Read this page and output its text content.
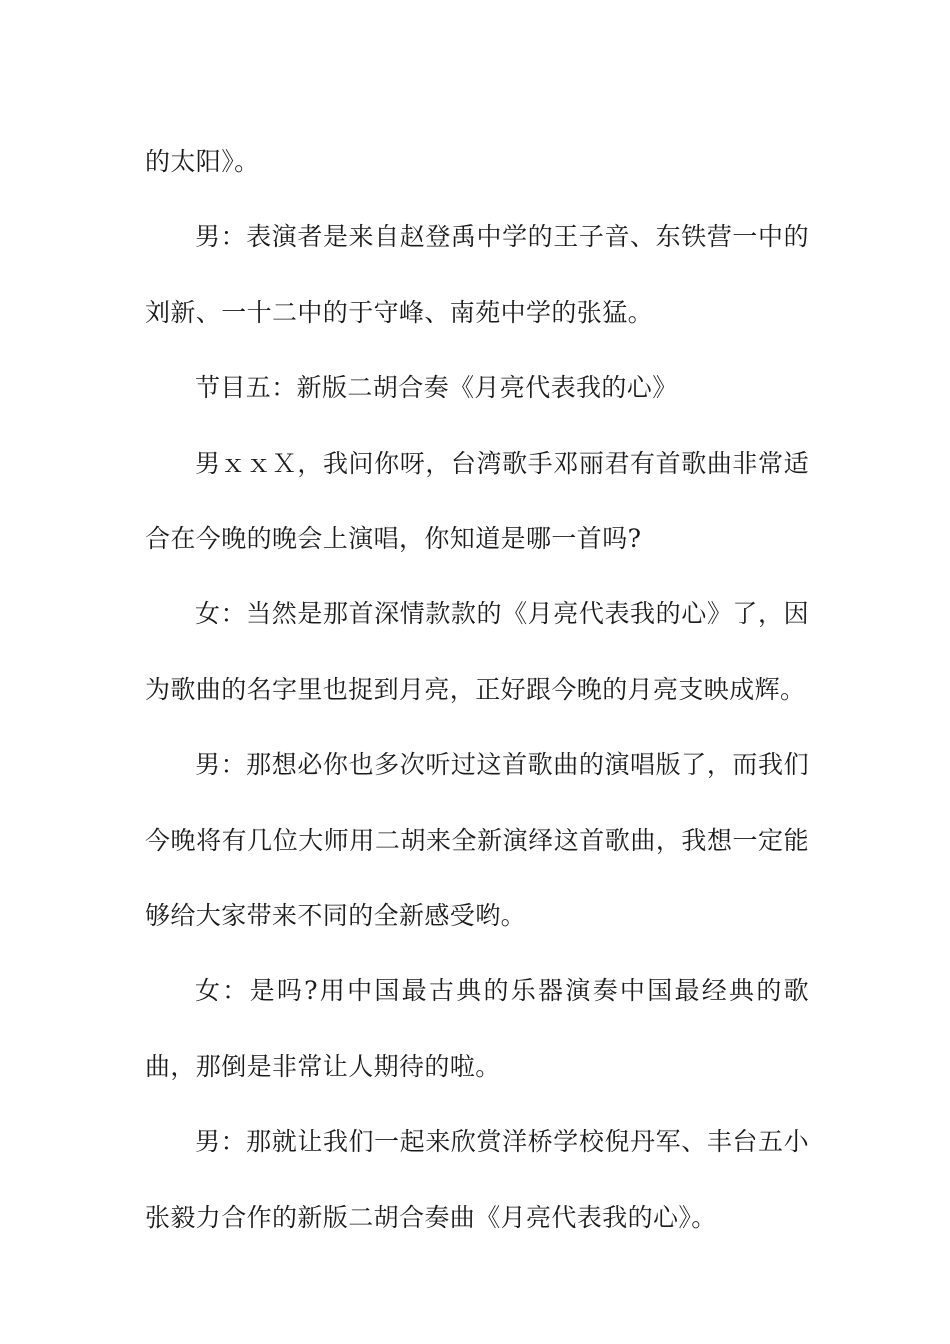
的太阳》。

男：表演者是来自赵登禹中学的王子音、东铁营一中的刘新、一十二中的于守峰、南苑中学的张猛。

节目五：新版二胡合奏《月亮代表我的心》

男ｘｘＸ，我问你呀，台湾歌手邓丽君有首歌曲非常适合在今晚的晚会上演唱，你知道是哪一首吗?

女：当然是那首深情款款的《月亮代表我的心》了，因为歌曲的名字里也捉到月亮，正好跟今晚的月亮支映成辉。

男：那想必你也多次听过这首歌曲的演唱版了，而我们今晚将有几位大师用二胡来全新演绎这首歌曲，我想一定能够给大家带来不同的全新感受哟。

女：是吗?用中国最古典的乐器演奏中国最经典的歌曲，那倒是非常让人期待的啦。

男：那就让我们一起来欣赏洋桥学校倪丹军、丰台五小张毅力合作的新版二胡合奏曲《月亮代表我的心》。
